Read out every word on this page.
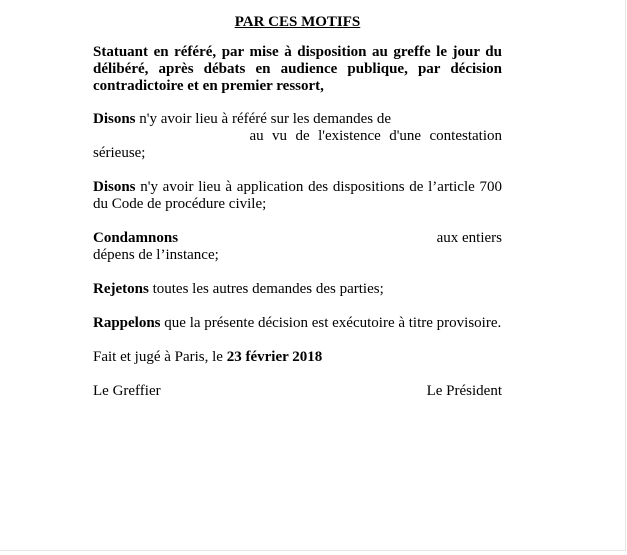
PAR CES MOTIFS
Statuant en référé, par mise à disposition au greffe le jour du délibéré, après débats en audience publique, par décision contradictoire et en premier ressort,

Disons n'y avoir lieu à référé sur les demandes de
au vu de l'existence d'une contestation sérieuse;

Disons n'y avoir lieu à application des dispositions de l’article 700 du Code de procédure civile;

Condamnons	aux entiers

dépens de l’instance;

Rejetons toutes les autres demandes des parties;

Rappelons que la présente décision est exécutoire à titre provisoire.

Fait et jugé à Paris, le 23 février 2018

Le Greffier	Le Président
